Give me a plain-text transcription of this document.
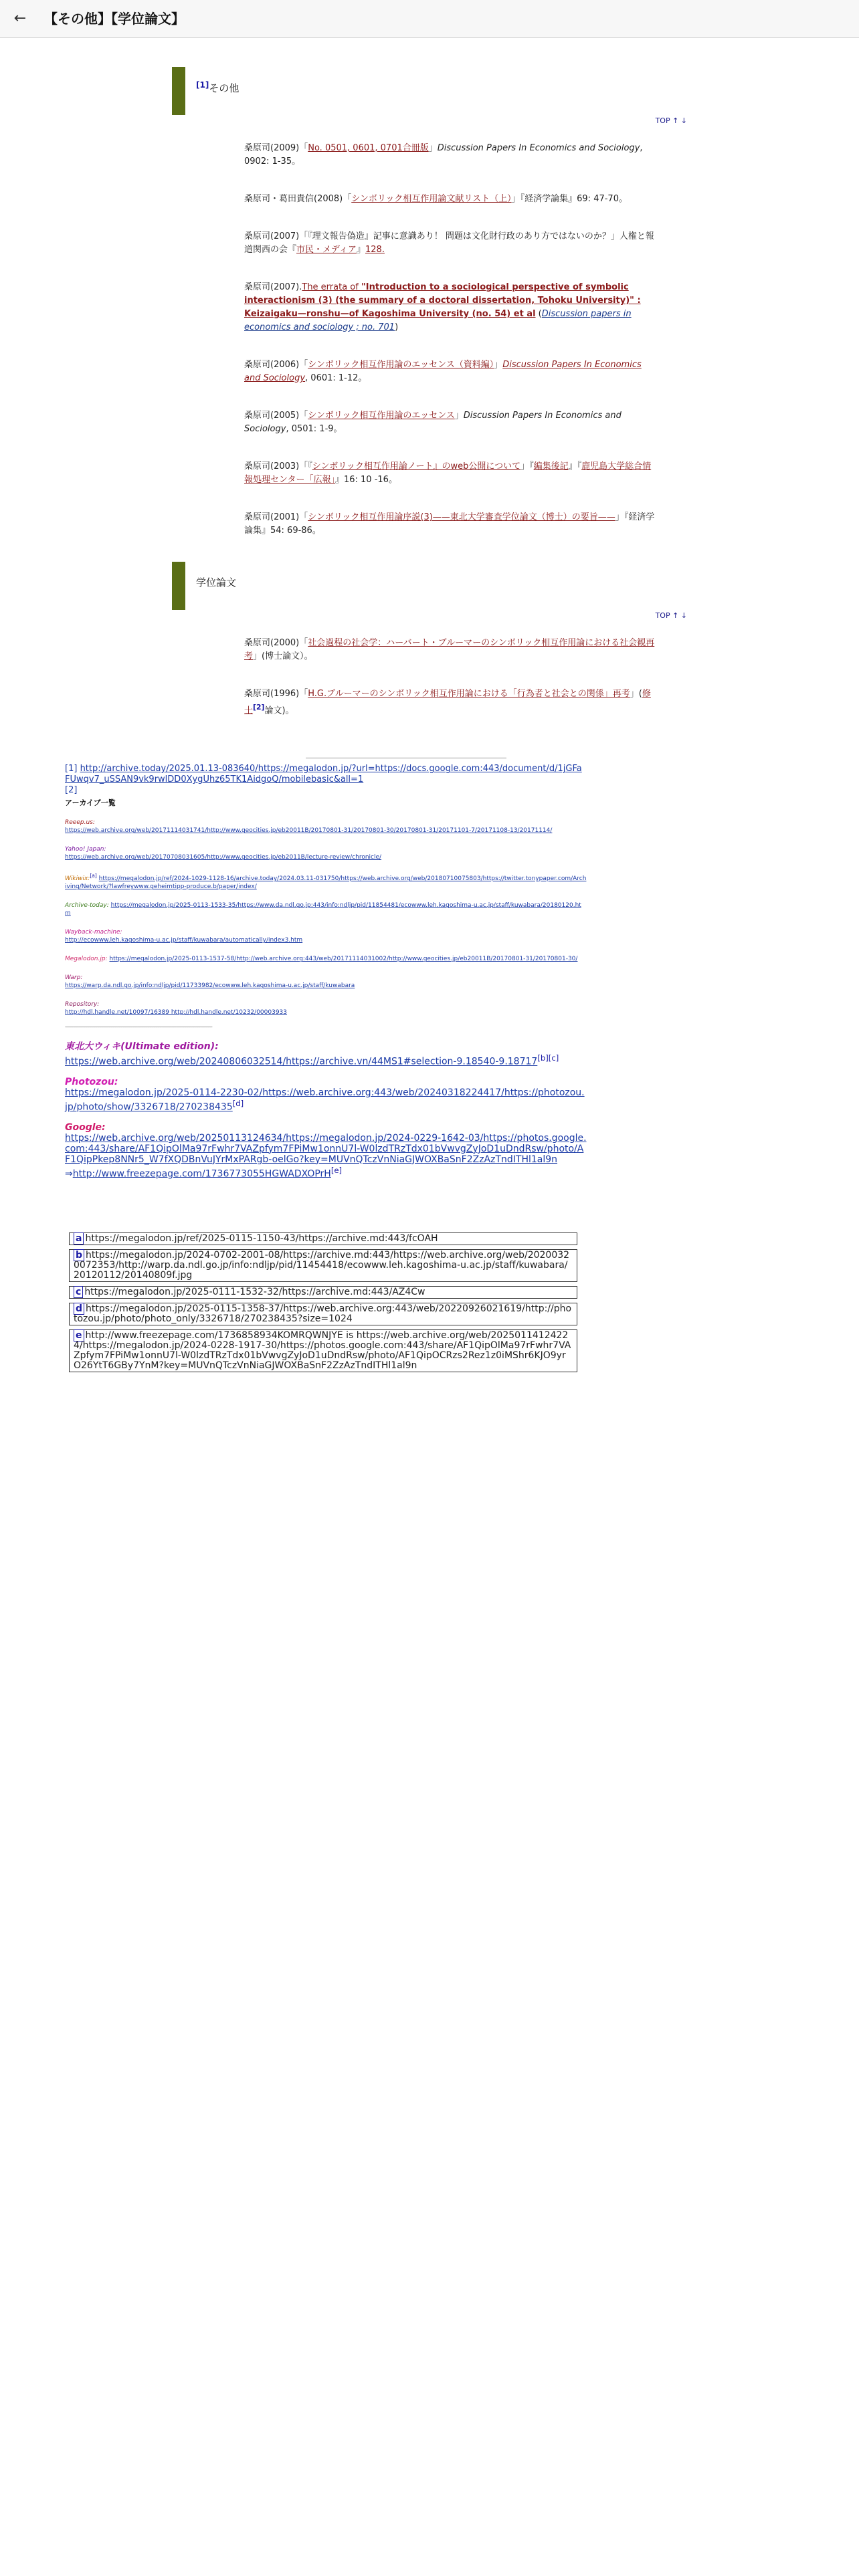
←	【その他】【学位論文】
[1]その他
TOP ↑ ↓
桑原司(2009)「No. 0501, 0601, 0701合冊版」Discussion Papers In Economics and Sociology, 0902: 1-35。
桑原司・葛田貴信(2008)「シンボリック相互作用論文献リスト（上）」『経済学論集』69: 47-70。
桑原司(2007)「『理文報告偽造』記事に意識あり！ 問題は文化財行政のあり方ではないのか？」人権と報道関西の会『市民・メディア』128.
桑原司(2007).The errata of "Introduction to a sociological perspective of symbolic interactionism (3) (the summary of a doctoral dissertation, Tohoku University)" : Keizaigaku—ronshu—of Kagoshima University (no. 54) et al (Discussion papers in economics and sociology ; no. 701)
桑原司(2006)「シンボリック相互作用論のエッセンス（資料編）」Discussion Papers In Economics and Sociology, 0601: 1-12。
桑原司(2005)「シンボリック相互作用論のエッセンス」Discussion Papers In Economics and Sociology, 0501: 1-9。
桑原司(2003)「『シンボリック相互作用論ノート』のweb公開について」『編集後記』『鹿児島大学総合情報処理センター「広報」』16: 10 -16。
桑原司(2001)「シンボリック相互作用論序説(3)——東北大学審査学位論文（博士）の要旨——」『経済学論集』54: 69-86。
学位論文
TOP ↑ ↓
桑原司(2000)「社会過程の社会学：ハーバート・ブルーマーのシンボリック相互作用論における社会観再考」(博士論文）。
桑原司(1996)「H.G.ブルーマーのシンボリック相互作用論における「行為者と社会との関係」再考」(修士[2]論文)。
[1] http://archive.today/2025.01.13-083640/https://megalodon.jp/?url=https://docs.google.com:443/document/d/1jGFaFUwqv7_uSSAN9vk9rwlDD0XygUhz65TK1AidgoQ/mobilebasic&all=1
[2]
アーカイブ一覧
Reeep.us:
https://web.archive.org/web/20171114031741/http://www.geocities.jp/eb20011B/20170801-31/20170801-30/20170801-31/20171101-7/20171108-13/20171114/
Yahoo! Japan:
https://web.archive.org/web/20170708031605/http://www.geocities.jp/eb2011B/lecture-review/chronicle/
Wikiwix:[a] https://megalodon.jp/ref/2024-1029-1128-16/archive.today/2024.03.11-031750/https://web.archive.org/web/20180710075803/https://twitter.tonypaper.com/Archiving/Network/?lawfreywww.geheimtipp-produce.b/paper/index/
Archive-today: https://megalodon.jp/2025-0113-1533-35/https://www.da.ndl.go.jp:443/info:ndljp/pid/11854481/ecowww.leh.kagoshima-u.ac.jp/staff/kuwabara/20180120.htm
Wayback-machine:
http://ecowww.leh.kagoshima-u.ac.jp/staff/kuwabara/automatically/index3.htm
Megalodon.jp: https://megalodon.jp/2025-0113-1537-58/http://web.archive.org:443/web/20171114031002/http://www.geocities.jp/eb20011B/20170801-31/20170801-30/
Warp:
https://warp.da.ndl.go.jp/info:ndljp/pid/11733982/ecowww.leh.kagoshima-u.ac.jp/staff/kuwabara
Repository:
http://hdl.handle.net/10097/16389 http://hdl.handle.net/10232/00003933
------------------------------------------------------------------------------------------------------------------------------------------------
東北大ウィキ(Ultimate edition):
https://web.archive.org/web/20240806032514/https://archive.vn/44MS1#selection-9.18540-9.18717[b][c]
Photozou:
https://megalodon.jp/2025-0114-2230-02/https://web.archive.org:443/web/20240318224417/https://photozou.jp/photo/show/3326718/270238435[d]
Google:
https://web.archive.org/web/20250113124634/https://megalodon.jp/2024-0229-1642-03/https://photos.google.com:443/share/AF1QipOlMa97rFwhr7VAZpfym7FPiMw1onnU7l-W0lzdTRzTdx01bVwvgZyJoD1uDndRsw/photo/AF1QipPkep8NNr5_W7fXQDBnVuJYrMxPARgb-oelGo?key=MUVnQTczVnNiaGJWOXBaSnF2ZzAzTndITHl1al9n
⇒http://www.freezepage.com/1736773055HGWADXOPrH[e]
a https://megalodon.jp/ref/2025-0115-1150-43/https://archive.md:443/fcOAH
b https://megalodon.jp/2024-0702-2001-08/https://archive.md:443/https://web.archive.org/web/20200320072353/http://warp.da.ndl.go.jp/info:ndljp/pid/11454418/ecowww.leh.kagoshima-u.ac.jp/staff/kuwabara/20120112/20140809f.jpg
c https://megalodon.jp/2025-0111-1532-32/https://archive.md:443/AZ4Cw
d https://megalodon.jp/2025-0115-1358-37/https://web.archive.org:443/web/20220926021619/http://photozou.jp/photo/photo_only/3326718/270238435?size=1024
e http://www.freezepage.com/1736858934KOMRQWNJYE is https://web.archive.org/web/20250114124224/https://megalodon.jp/2024-0228-1917-30/https://photos.google.com:443/share/AF1QipOlMa97rFwhr7VAZpfym7FPiMw1onnU7l-W0lzdTRzTdx01bVwvgZyJoD1uDndRsw/photo/AF1QipOCRzs2Rez1z0iMShr6KJO9yrO26YtT6GBy7YnM?key=MUVnQTczVnNiaGJWOXBaSnF2ZzAzTndITHl1al9n
